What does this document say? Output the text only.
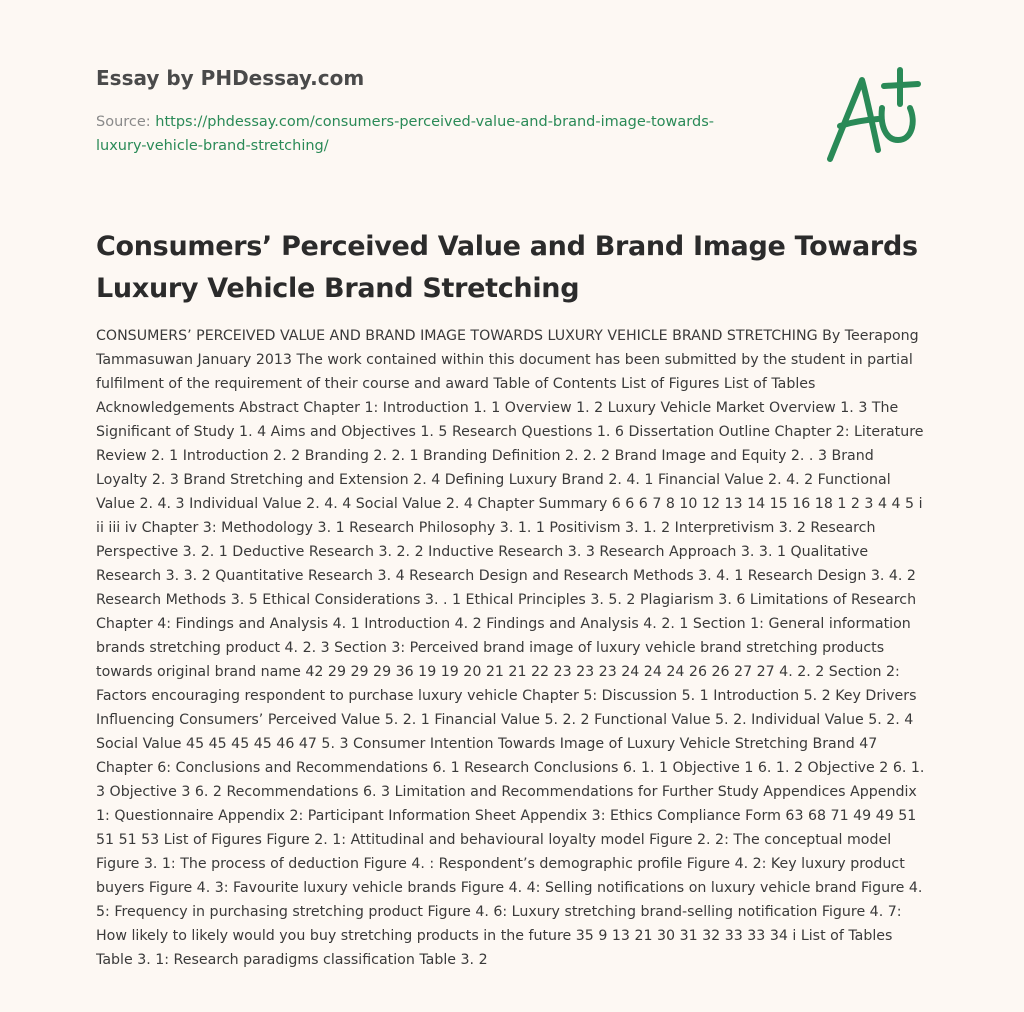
Essay by PHDessay.com
Source: https://phdessay.com/consumers-perceived-value-and-brand-image-towards-luxury-vehicle-brand-stretching/
Consumers’ Perceived Value and Brand Image Towards Luxury Vehicle Brand Stretching

CONSUMERS’ PERCEIVED VALUE AND BRAND IMAGE TOWARDS LUXURY VEHICLE BRAND STRETCHING By Teerapong Tammasuwan January 2013 The work contained within this document has been submitted by the student in partial fulfilment of the requirement of their course and award Table of Contents List of Figures List of Tables Acknowledgements Abstract Chapter 1: Introduction 1. 1 Overview 1. 2 Luxury Vehicle Market Overview 1. 3 The Significant of Study 1. 4 Aims and Objectives 1. 5 Research Questions 1. 6 Dissertation Outline Chapter 2: Literature Review 2. 1 Introduction 2. 2 Branding 2. 2. 1 Branding Definition 2. 2. 2 Brand Image and Equity 2. . 3 Brand Loyalty 2. 3 Brand Stretching and Extension 2. 4 Defining Luxury Brand 2. 4. 1 Financial Value 2. 4. 2 Functional Value 2. 4. 3 Individual Value 2. 4. 4 Social Value 2. 4 Chapter Summary 6 6 6 7 8 10 12 13 14 15 16 18 1 2 3 4 4 5 i ii iii iv Chapter 3: Methodology 3. 1 Research Philosophy 3. 1. 1 Positivism 3. 1. 2 Interpretivism 3. 2 Research Perspective 3. 2. 1 Deductive Research 3. 2. 2 Inductive Research 3. 3 Research Approach 3. 3. 1 Qualitative Research 3. 3. 2 Quantitative Research 3. 4 Research Design and Research Methods 3. 4. 1 Research Design 3. 4. 2 Research Methods 3. 5 Ethical Considerations 3. . 1 Ethical Principles 3. 5. 2 Plagiarism 3. 6 Limitations of Research Chapter 4: Findings and Analysis 4. 1 Introduction 4. 2 Findings and Analysis 4. 2. 1 Section 1: General information brands stretching product 4. 2. 3 Section 3: Perceived brand image of luxury vehicle brand stretching products towards original brand name 42 29 29 29 36 19 19 20 21 21 22 23 23 23 24 24 24 26 26 27 27 4. 2. 2 Section 2: Factors encouraging respondent to purchase luxury vehicle Chapter 5: Discussion 5. 1 Introduction 5. 2 Key Drivers Influencing Consumers’ Perceived Value 5. 2. 1 Financial Value 5. 2. 2 Functional Value 5. 2. Individual Value 5. 2. 4 Social Value 45 45 45 45 46 47 5. 3 Consumer Intention Towards Image of Luxury Vehicle Stretching Brand 47 Chapter 6: Conclusions and Recommendations 6. 1 Research Conclusions 6. 1. 1 Objective 1 6. 1. 2 Objective 2 6. 1. 3 Objective 3 6. 2 Recommendations 6. 3 Limitation and Recommendations for Further Study Appendices Appendix 1: Questionnaire Appendix 2: Participant Information Sheet Appendix 3: Ethics Compliance Form 63 68 71 49 49 51 51 51 53 List of Figures Figure 2. 1: Attitudinal and behavioural loyalty model Figure 2. 2: The conceptual model Figure 3. 1: The process of deduction Figure 4. : Respondent’s demographic profile Figure 4. 2: Key luxury product buyers Figure 4. 3: Favourite luxury vehicle brands Figure 4. 4: Selling notifications on luxury vehicle brand Figure 4. 5: Frequency in purchasing stretching product Figure 4. 6: Luxury stretching brand-selling notification Figure 4. 7: How likely to likely would you buy stretching products in the future 35 9 13 21 30 31 32 33 33 34 i List of Tables Table 3. 1: Research paradigms classification Table 3. 2
